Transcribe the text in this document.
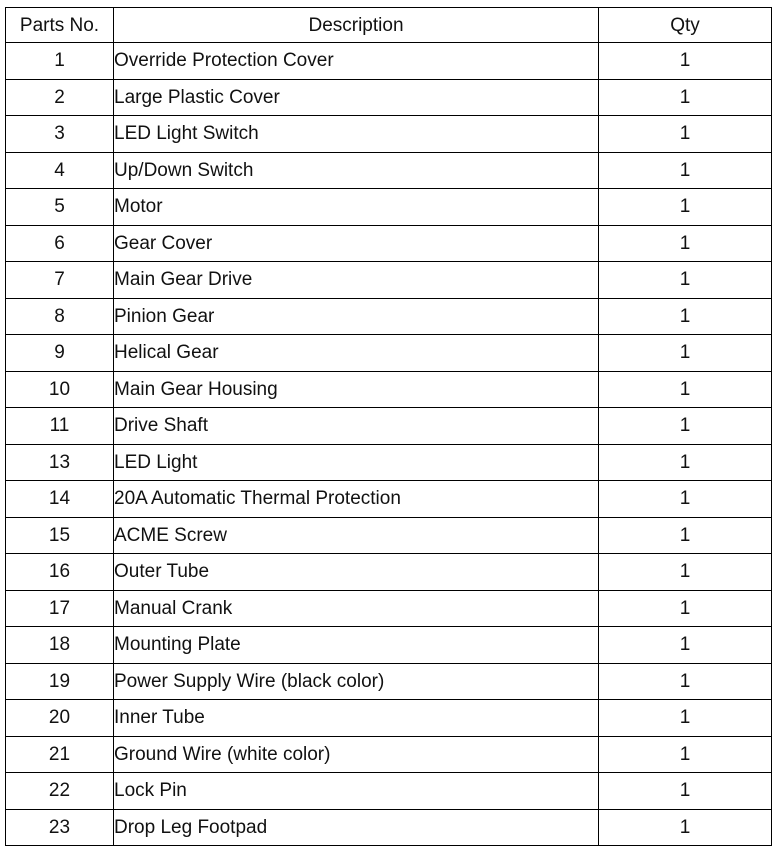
Parts No.	Description	Qty
1	Override Protection Cover	1
2	Large Plastic Cover	1
3	LED Light Switch	1
4	Up/Down Switch	1
5	Motor	1
6	Gear Cover	1
7	Main Gear Drive	1
8	Pinion Gear	1
9	Helical Gear	1
10	Main Gear Housing	1
11	Drive Shaft	1
13	LED Light	1
14	20A Automatic Thermal Protection	1
15	ACME Screw	1
16	Outer Tube	1
17	Manual Crank	1
18	Mounting Plate	1
19	Power Supply Wire (black color)	1
20	Inner Tube	1
21	Ground Wire (white color)	1
22	Lock Pin	1
23	Drop Leg Footpad	1
